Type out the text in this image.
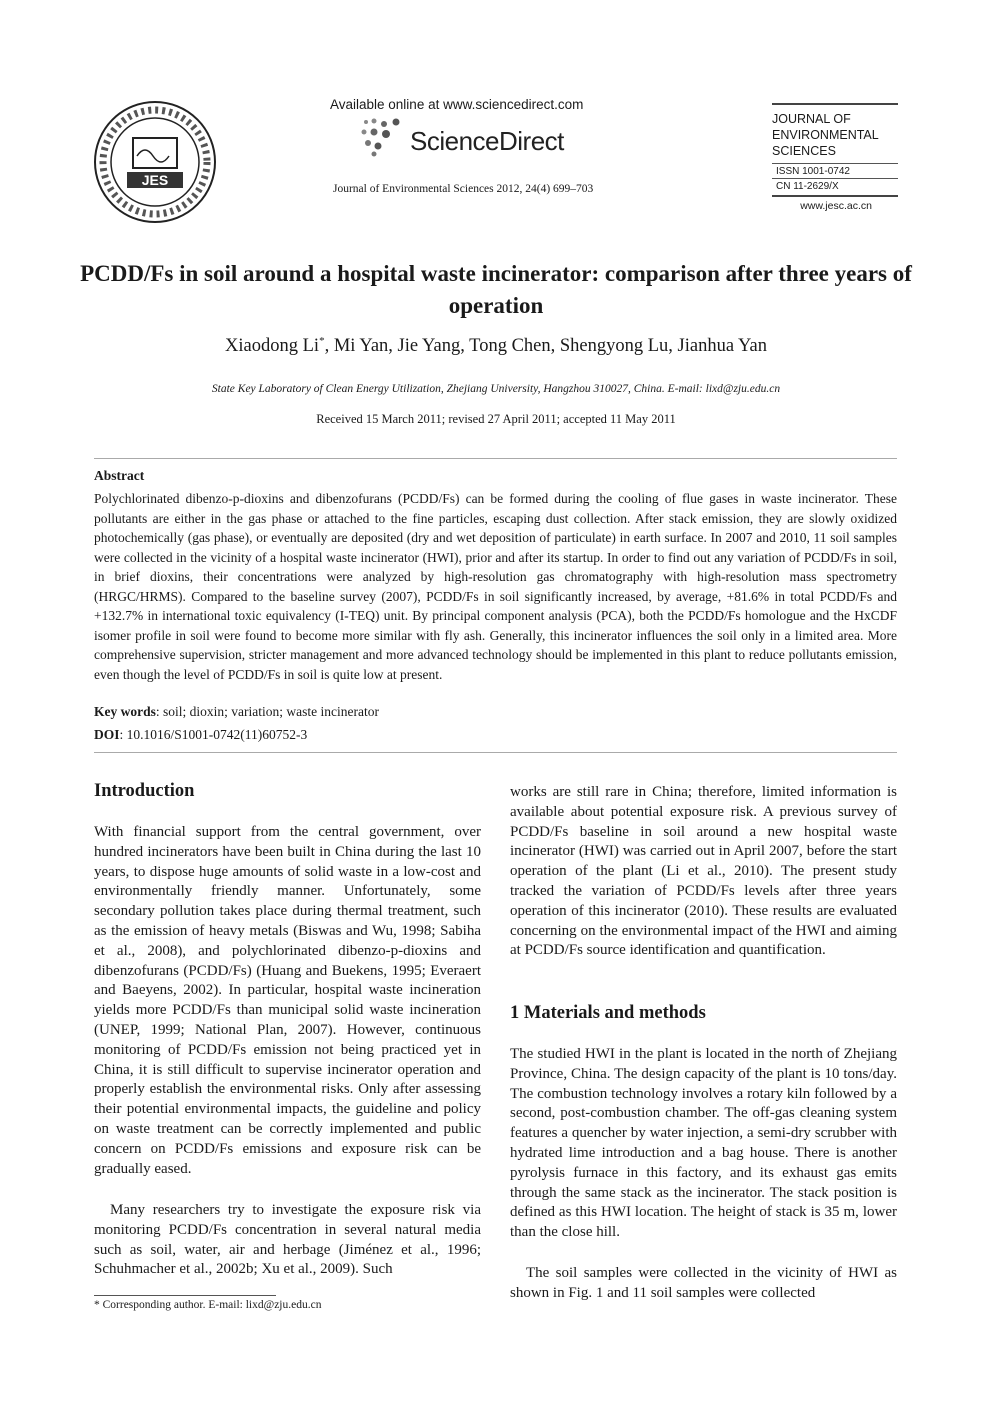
JES
Available online at www.sciencedirect.com
ScienceDirect
Journal of Environmental Sciences 2012, 24(4) 699–703
JOURNAL OF
ENVIRONMENTAL
SCIENCES
ISSN 1001-0742
CN 11-2629/X
www.jesc.ac.cn
PCDD/Fs in soil around a hospital waste incinerator: comparison after three years of operation
Xiaodong Li*, Mi Yan, Jie Yang, Tong Chen, Shengyong Lu, Jianhua Yan
State Key Laboratory of Clean Energy Utilization, Zhejiang University, Hangzhou 310027, China. E-mail: lixd@zju.edu.cn
Received 15 March 2011; revised 27 April 2011; accepted 11 May 2011
Abstract
Polychlorinated dibenzo-p-dioxins and dibenzofurans (PCDD/Fs) can be formed during the cooling of flue gases in waste incinerator. These pollutants are either in the gas phase or attached to the fine particles, escaping dust collection. After stack emission, they are slowly oxidized photochemically (gas phase), or eventually are deposited (dry and wet deposition of particulate) in earth surface. In 2007 and 2010, 11 soil samples were collected in the vicinity of a hospital waste incinerator (HWI), prior and after its startup. In order to find out any variation of PCDD/Fs in soil, in brief dioxins, their concentrations were analyzed by high-resolution gas chromatography with high-resolution mass spectrometry (HRGC/HRMS). Compared to the baseline survey (2007), PCDD/Fs in soil significantly increased, by average, +81.6% in total PCDD/Fs and +132.7% in international toxic equivalency (I-TEQ) unit. By principal component analysis (PCA), both the PCDD/Fs homologue and the HxCDF isomer profile in soil were found to become more similar with fly ash. Generally, this incinerator influences the soil only in a limited area. More comprehensive supervision, stricter management and more advanced technology should be implemented in this plant to reduce pollutants emission, even though the level of PCDD/Fs in soil is quite low at present.
Key words: soil; dioxin; variation; waste incinerator
DOI: 10.1016/S1001-0742(11)60752-3
Introduction

With financial support from the central government, over hundred incinerators have been built in China during the last 10 years, to dispose huge amounts of solid waste in a low-cost and environmentally friendly manner. Unfortunately, some secondary pollution takes place during thermal treatment, such as the emission of heavy metals (Biswas and Wu, 1998; Sabiha et al., 2008), and polychlorinated dibenzo-p-dioxins and dibenzofurans (PCDD/Fs) (Huang and Buekens, 1995; Everaert and Baeyens, 2002). In particular, hospital waste incineration yields more PCDD/Fs than municipal solid waste incineration (UNEP, 1999; National Plan, 2007). However, continuous monitoring of PCDD/Fs emission not being practiced yet in China, it is still difficult to supervise incinerator operation and properly establish the environmental risks. Only after assessing their potential environmental impacts, the guideline and policy on waste treatment can be correctly implemented and public concern on PCDD/Fs emissions and exposure risk can be gradually eased.

Many researchers try to investigate the exposure risk via monitoring PCDD/Fs concentration in several natural media such as soil, water, air and herbage (Jiménez et al., 1996; Schuhmacher et al., 2002b; Xu et al., 2009). Such

* Corresponding author. E-mail: lixd@zju.edu.cn

works are still rare in China; therefore, limited information is available about potential exposure risk. A previous survey of PCDD/Fs baseline in soil around a new hospital waste incinerator (HWI) was carried out in April 2007, before the start operation of the plant (Li et al., 2010). The present study tracked the variation of PCDD/Fs levels after three years operation of this incinerator (2010). These results are evaluated concerning on the environmental impact of the HWI and aiming at PCDD/Fs source identification and quantification.

1 Materials and methods

The studied HWI in the plant is located in the north of Zhejiang Province, China. The design capacity of the plant is 10 tons/day. The combustion technology involves a rotary kiln followed by a second, post-combustion chamber. The off-gas cleaning system features a quencher by water injection, a semi-dry scrubber with hydrated lime introduction and a bag house. There is another pyrolysis furnace in this factory, and its exhaust gas emits through the same stack as the incinerator. The stack position is defined as this HWI location. The height of stack is 35 m, lower than the close hill.

The soil samples were collected in the vicinity of HWI as shown in Fig. 1 and 11 soil samples were collected
